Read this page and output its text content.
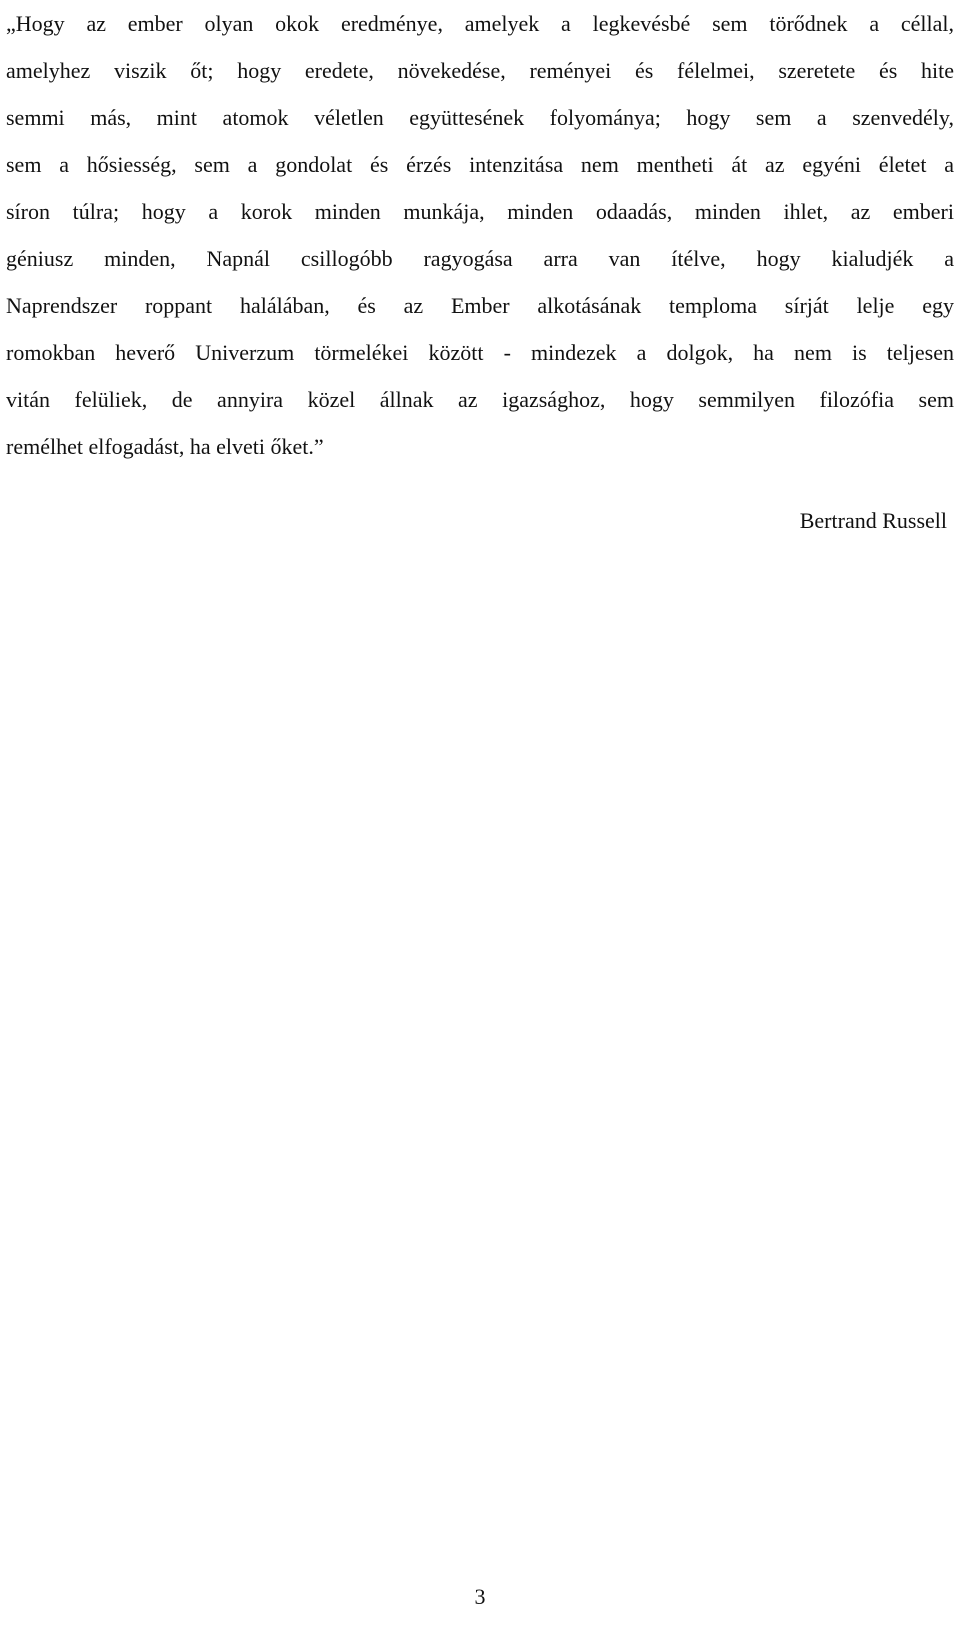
„Hogy az ember olyan okok eredménye, amelyek a legkevésbé sem törődnek a céllal,
amelyhez viszik őt; hogy eredete, növekedése, reményei és félelmei, szeretete és hite
semmi más, mint atomok véletlen együttesének folyománya; hogy sem a szenvedély,
sem a hősiesség, sem a gondolat és érzés intenzitása nem mentheti át az egyéni életet a
síron túlra; hogy a korok minden munkája, minden odaadás, minden ihlet, az emberi
géniusz minden, Napnál csillogóbb ragyogása arra van ítélve, hogy kialudjék a
Naprendszer roppant halálában, és az Ember alkotásának temploma sírját lelje egy
romokban heverő Univerzum törmelékei között - mindezek a dolgok, ha nem is teljesen
vitán felüliek, de annyira közel állnak az igazsághoz, hogy semmilyen filozófia sem
remélhet elfogadást, ha elveti őket.”
Bertrand Russell
3
